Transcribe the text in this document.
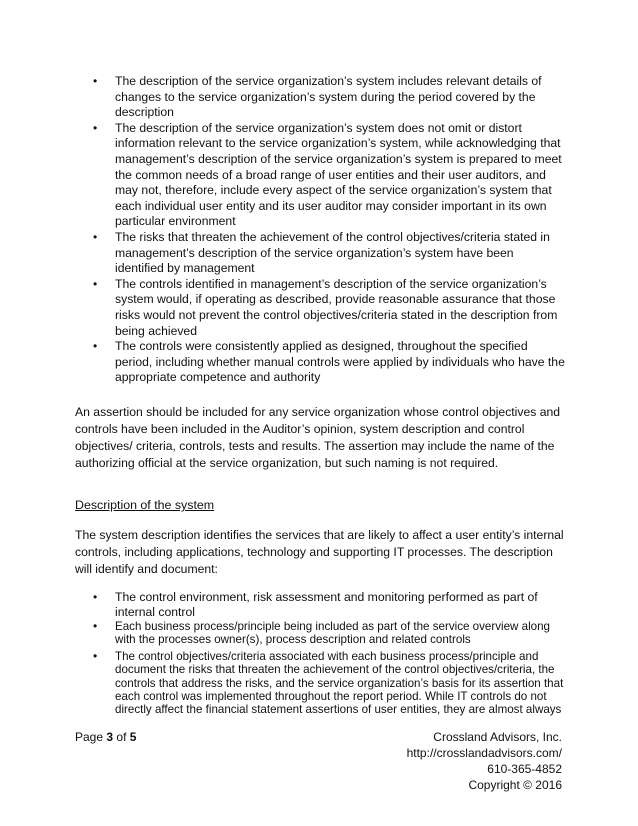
• The description of the service organization’s system includes relevant details of changes to the service organization’s system during the period covered by the description
• The description of the service organization’s system does not omit or distort information relevant to the service organization’s system, while acknowledging that management’s description of the service organization’s system is prepared to meet the common needs of a broad range of user entities and their user auditors, and may not, therefore, include every aspect of the service organization’s system that each individual user entity and its user auditor may consider important in its own particular environment
• The risks that threaten the achievement of the control objectives/criteria stated in management’s description of the service organization’s system have been identified by management
• The controls identified in management’s description of the service organization’s system would, if operating as described, provide reasonable assurance that those risks would not prevent the control objectives/criteria stated in the description from being achieved
• The controls were consistently applied as designed, throughout the specified period, including whether manual controls were applied by individuals who have the appropriate competence and authority

An assertion should be included for any service organization whose control objectives and controls have been included in the Auditor’s opinion, system description and control objectives/ criteria, controls, tests and results. The assertion may include the name of the authorizing official at the service organization, but such naming is not required.

Description of the system

The system description identifies the services that are likely to affect a user entity’s internal controls, including applications, technology and supporting IT processes. The description will identify and document:

• The control environment, risk assessment and monitoring performed as part of internal control
• Each business process/principle being included as part of the service overview along with the processes owner(s), process description and related controls
• The control objectives/criteria associated with each business process/principle and document the risks that threaten the achievement of the control objectives/criteria, the controls that address the risks, and the service organization’s basis for its assertion that each control was implemented throughout the report period. While IT controls do not directly affect the financial statement assertions of user entities, they are almost always
Page 3 of 5	Crossland Advisors, Inc.
http://crosslandadvisors.com/
610-365-4852
Copyright © 2016
